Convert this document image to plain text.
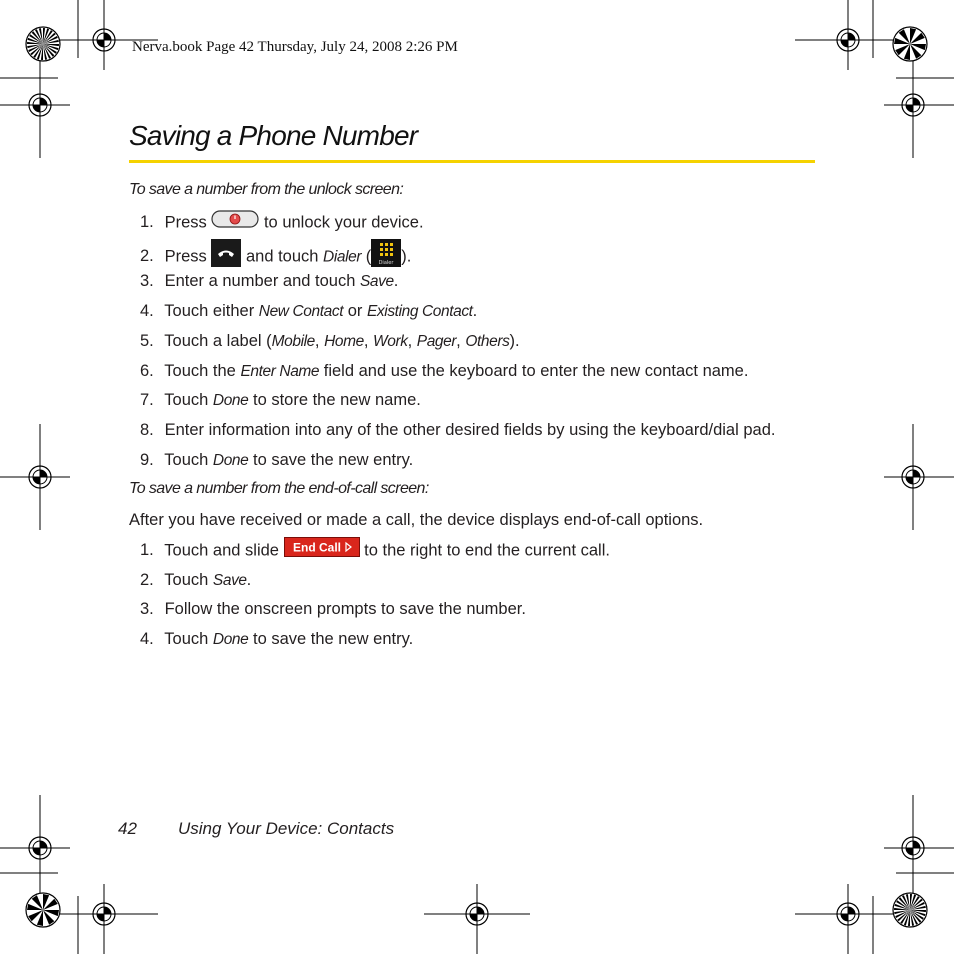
Nerva.book Page 42 Thursday, July 24, 2008 2:26 PM
Saving a Phone Number
To save a number from the unlock screen:
1. Press	to unlock your device.
2. Press and touch Dialer ( Dialer ).
3. Enter a number and touch Save.
4. Touch either New Contact or Existing Contact.
5. Touch a label (Mobile, Home, Work, Pager, Others).
6. Touch the Enter Name field and use the keyboard to enter the new contact name.
7. Touch Done to store the new name.
8. Enter information into any of the other desired fields by using the keyboard/dial pad.
9. Touch Done to save the new entry.
To save a number from the end-of-call screen:
After you have received or made a call, the device displays end-of-call options.
1. Touch and slide End Call to the right to end the current call.
2. Touch Save.
3. Follow the onscreen prompts to save the number.
4. Touch Done to save the new entry.
42 Using Your Device: Contacts
